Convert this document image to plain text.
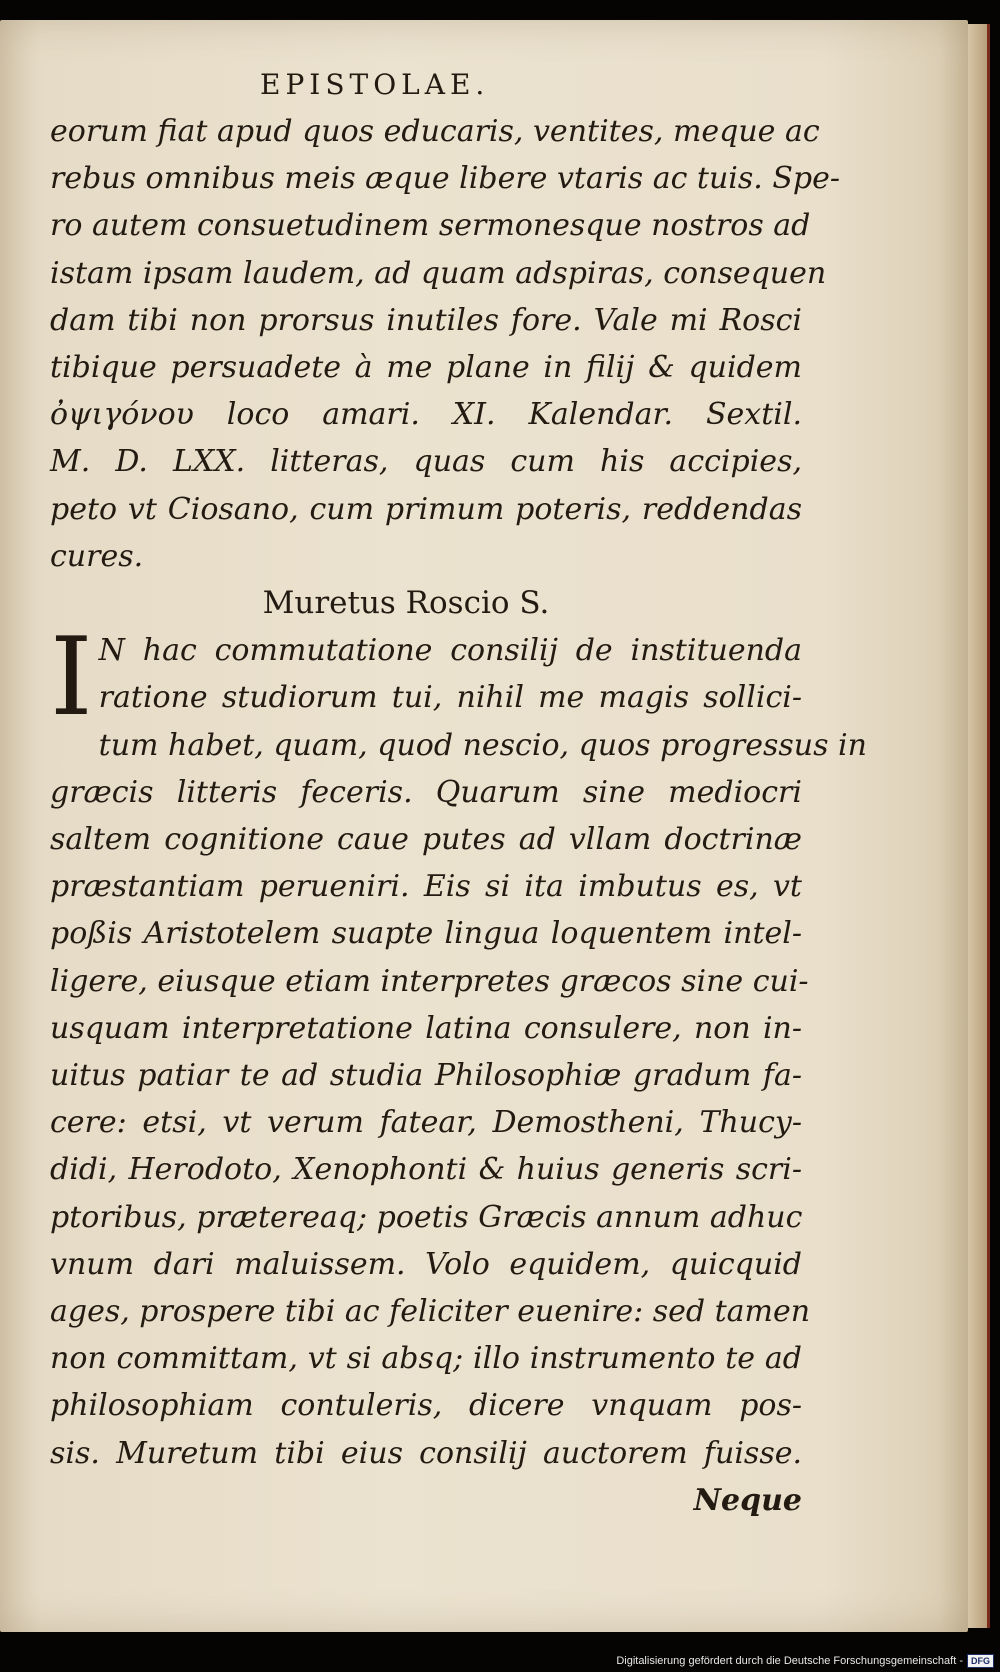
EPISTOLAE.
eorum fiat apud quos educaris, ventites, meque ac
rebus omnibus meis æque libere vtaris ac tuis. Spe-
ro autem consuetudinem sermonesque nostros ad
istam ipsam laudem, ad quam adspiras, consequen
dam tibi non prorsus inutiles fore. Vale mi Rosci
tibique persuadete à me plane in filij & quidem
ὀψιγόνου loco amari. XI. Kalendar. Sextil.
M. D. LXX. litteras, quas cum his accipies,
peto vt Ciosano, cum primum poteris, reddendas
cures.
Muretus Roscio S.
I N hac commutatione consilij de instituenda
ratione studiorum tui, nihil me magis sollici-
tum habet, quam, quod nescio, quos progressus in
græcis litteris feceris. Quarum sine mediocri
saltem cognitione caue putes ad vllam doctrinæ
præstantiam perueniri. Eis si ita imbutus es, vt
poßis Aristotelem suapte lingua loquentem intel-
ligere, eiusque etiam interpretes græcos sine cui-
usquam interpretatione latina consulere, non in-
uitus patiar te ad studia Philosophiæ gradum fa-
cere: etsi, vt verum fatear, Demostheni, Thucy-
didi, Herodoto, Xenophonti & huius generis scri-
ptoribus, prætereaq; poetis Græcis annum adhuc
vnum dari maluissem. Volo equidem, quicquid
ages, prospere tibi ac feliciter euenire: sed tamen
non committam, vt si absq; illo instrumento te ad
philosophiam contuleris, dicere vnquam pos-
sis. Muretum tibi eius consilij auctorem fuisse.
Neque
Digitalisierung gefördert durch die Deutsche Forschungsgemeinschaft - DFG
